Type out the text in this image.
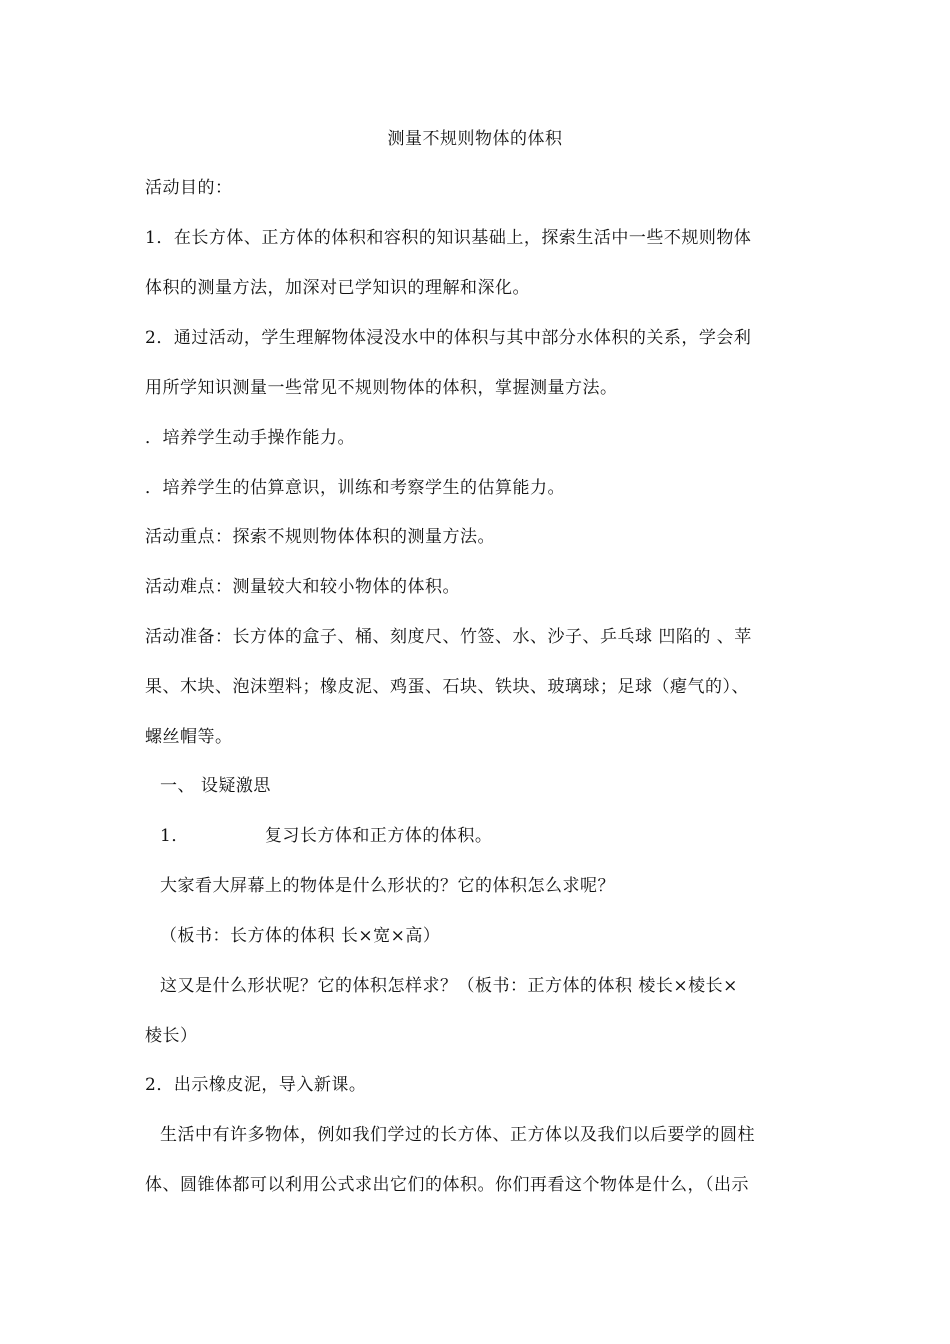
测量不规则物体的体积
活动目的：
1．在长方体、正方体的体积和容积的知识基础上，探索生活中一些不规则物体
体积的测量方法，加深对已学知识的理解和深化。
2．通过活动，学生理解物体浸没水中的体积与其中部分水体积的关系，学会利
用所学知识测量一些常见不规则物体的体积，掌握测量方法。
．培养学生动手操作能力。
．培养学生的估算意识，训练和考察学生的估算能力。
活动重点：探索不规则物体体积的测量方法。
活动难点：测量较大和较小物体的体积。
活动准备：长方体的盒子、桶、刻度尺、竹签、水、沙子、乒乓球 凹陷的 、苹
果、木块、泡沫塑料；橡皮泥、鸡蛋、石块、铁块、玻璃球；足球（瘪气的）、
螺丝帽等。
一、 设疑激思
1．	复习长方体和正方体的体积。
大家看大屏幕上的物体是什么形状的？它的体积怎么求呢？
（板书：长方体的体积 长×宽×高）
这又是什么形状呢？它的体积怎样求？（板书：正方体的体积 棱长×棱长×
棱长）
2．出示橡皮泥，导入新课。
生活中有许多物体，例如我们学过的长方体、正方体以及我们以后要学的圆柱
体、圆锥体都可以利用公式求出它们的体积。你们再看这个物体是什么，（出示
